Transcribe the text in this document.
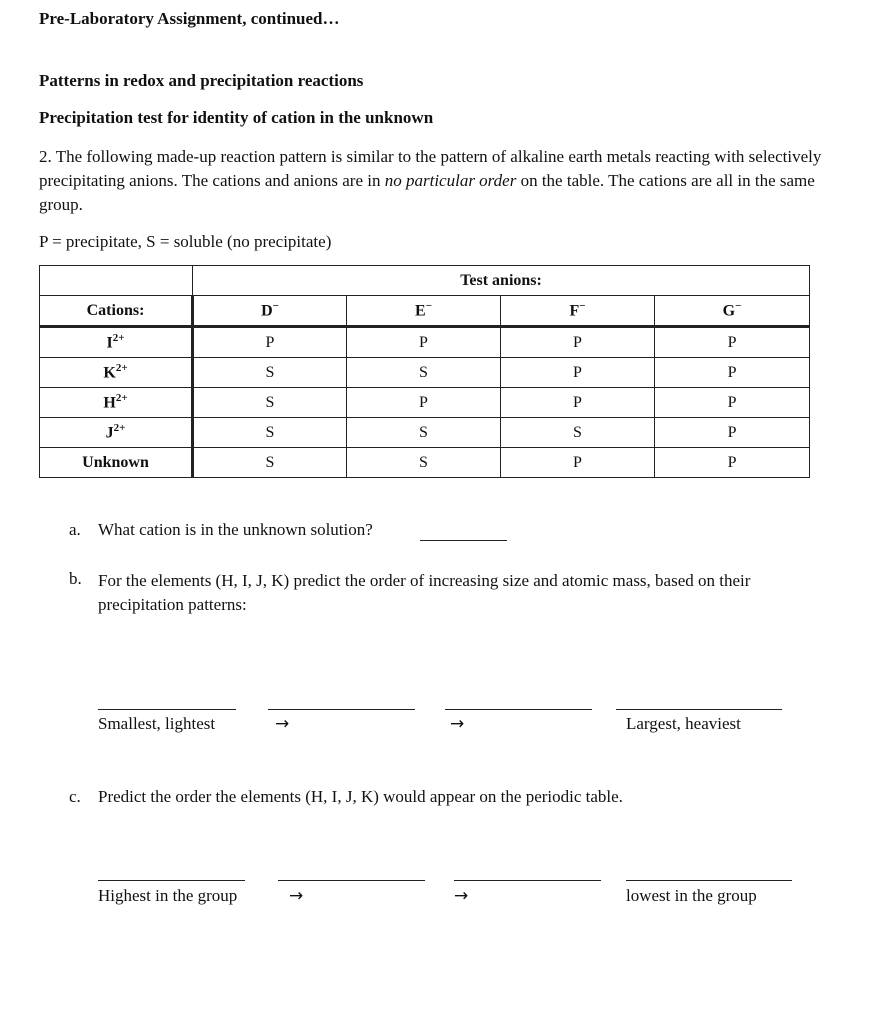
Pre-Laboratory Assignment, continued…
Patterns in redox and precipitation reactions
Precipitation test for identity of cation in the unknown
2. The following made-up reaction pattern is similar to the pattern of alkaline earth metals reacting with selectively precipitating anions. The cations and anions are in no particular order on the table. The cations are all in the same group.
P = precipitate, S = soluble (no precipitate)
	Test anions:			
Cations:	D−	E−	F−	G−
$I^{2+}$	P	P	P	P
$K^{2+}$	S	S	P	P
$H^{2+}$	S	P	P	P
$J^{2+}$	S	S	S	P
Unknown	S	S	P	P
a. What cation is in the unknown solution?
b. For the elements (H, I, J, K) predict the order of increasing size and atomic mass, based on their precipitation patterns:
Smallest, lightest	→	→	Largest, heaviest
c. Predict the order the elements (H, I, J, K) would appear on the periodic table.
Highest in the group	→	→	lowest in the group
